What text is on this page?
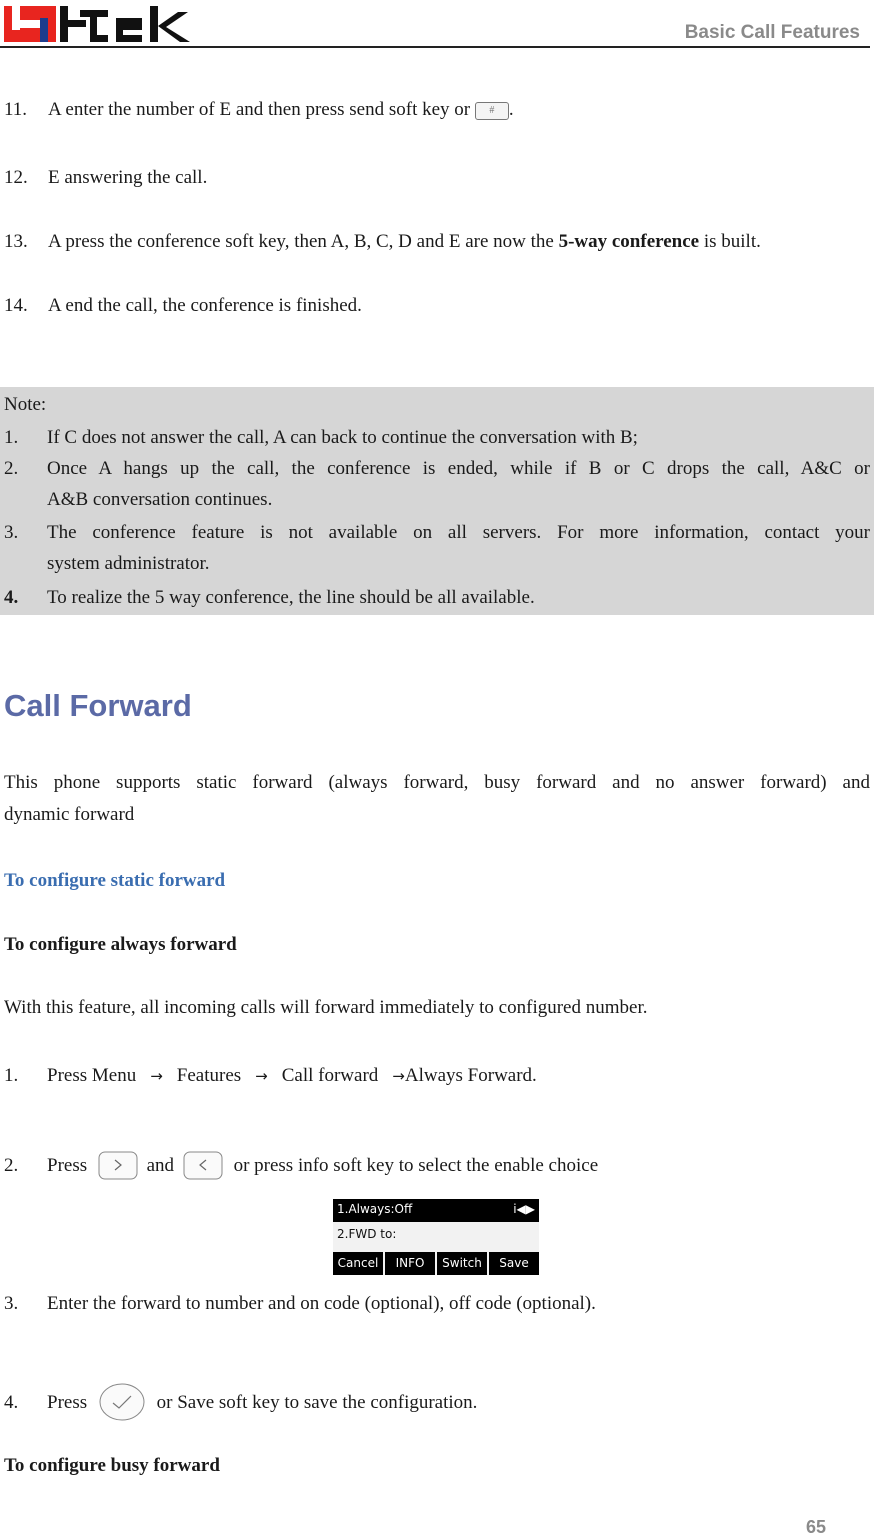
Basic Call Features
11. A enter the number of E and then press send soft key or # .
12. E answering the call.
13. A press the conference soft key, then A, B, C, D and E are now the 5-way conference is built.
14. A end the call, the conference is finished.
Note:
1. If C does not answer the call, A can back to continue the conversation with B;
2. Once A hangs up the call, the conference is ended, while if B or C drops the call, A&C or
A&B conversation continues.
3. The conference feature is not available on all servers. For more information, contact your
system administrator.
4. To realize the 5 way conference, the line should be all available.
Call Forward
This phone supports static forward (always forward, busy forward and no answer forward) and
dynamic forward
To configure static forward
To configure always forward
With this feature, all incoming calls will forward immediately to configured number.
1. Press Menu → Features → Call forward →Always Forward.
2. Press	and	or press info soft key to select the enable choice
1.Always:Off	i◀▶
2.FWD to:
Cancel	INFO	Switch	Save
3. Enter the forward to number and on code (optional), off code (optional).
4. Press	or Save soft key to save the configuration.
To configure busy forward
65
